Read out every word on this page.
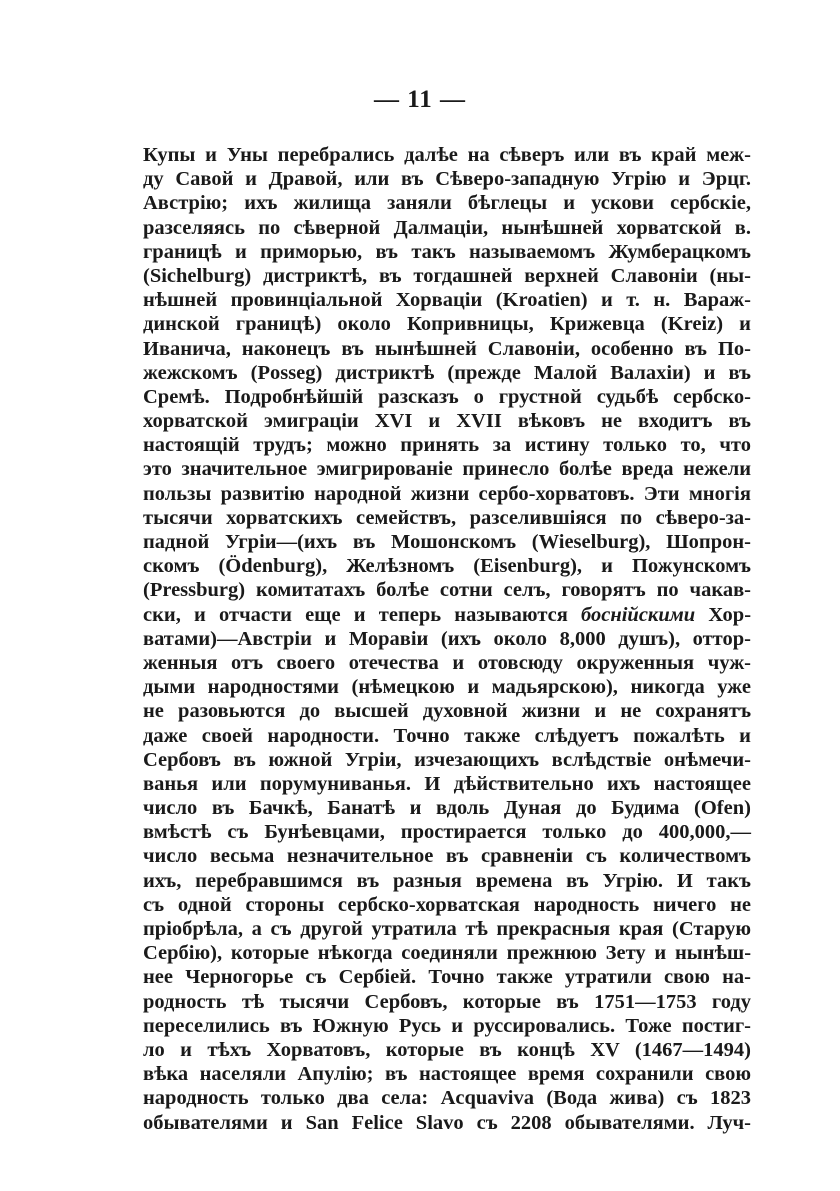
— 11 —
Купы и Уны перебрались далѣе на сѣверъ или въ край меж-
ду Савой и Дравой, или въ Сѣверо-западную Угрію и Эрцг.
Австрію; ихъ жилища заняли бѣглецы и ускови сербскіе,
разселяясь по сѣверной Далмаціи, нынѣшней хорватской в.
границѣ и приморью, въ такъ называемомъ Жумберацкомъ
(Sichelburg) дистриктѣ, въ тогдашней верхней Славоніи (ны-
нѣшней провинціальной Хорваціи (Kroatien) и т. н. Варaж-
динской границѣ) около Копривницы, Крижевца (Kreiz) и
Иванича, наконецъ въ нынѣшней Славоніи, особенно въ По-
жежскомъ (Posseg) дистриктѣ (прежде Малой Валахіи) и въ
Сремѣ. Подробнѣйшій разсказъ о грустной судьбѣ сербско-
хорватской эмиграціи XVI и XVII вѣковъ не входитъ въ
настоящій трудъ; можно принять за истину только то, что
это значительное эмигрированіе принесло болѣе вреда нежели
пользы развитію народной жизни сербо-хорватовъ. Эти многія
тысячи хорватскихъ семействъ, разселившіяся по сѣверо-за-
падной Угріи—(ихъ въ Мошонскомъ (Wieselburg), Шопрон-
скомъ (Ödenburg), Желѣзномъ (Eisenburg), и Пожунскомъ
(Pressburg) комитатахъ болѣе сотни селъ, говорятъ по чакав-
ски, и отчасти еще и теперь называются боснійскими Хор-
ватами)—Австріи и Моравіи (ихъ около 8,000 душъ), оттор-
женныя отъ своего отечества и отовсюду окруженныя чуж-
дыми народностями (нѣмецкою и мадьярскою), никогда уже
не разовьются до высшей духовной жизни и не сохранятъ
даже своей народности. Точно также слѣдуетъ пожалѣть и
Сербовъ въ южной Угріи, изчезающихъ вслѣдствіе онѣмечи-
ванья или порумуниванья. И дѣйствительно ихъ настоящее
число въ Бачкѣ, Банатѣ и вдоль Дуная до Будима (Ofen)
вмѣстѣ съ Бунѣевцами, простирается только до 400,000,—
число весьма незначительное въ сравненіи съ количествомъ
ихъ, перебравшимся въ разныя времена въ Угрію. И такъ
съ одной стороны сербско-хорватская народность ничего не
пріобрѣла, а съ другой утратила тѣ прекрасныя края (Старую
Сербію), которые нѣкогда соединяли прежнюю Зету и нынѣш-
нее Черногорье съ Сербіей. Точно также утратили свою на-
родность тѣ тысячи Сербовъ, которые въ 1751—1753 году
переселились въ Южную Русь и руссировались. Тоже постиг-
ло и тѣхъ Хорватовъ, которые въ концѣ XV (1467—1494)
вѣка населяли Апулію; въ настоящее время сохранили свою
народность только два села: Acquaviva (Вода жива) съ 1823
обывателями и San Felice Slavo съ 2208 обывателями. Луч-
